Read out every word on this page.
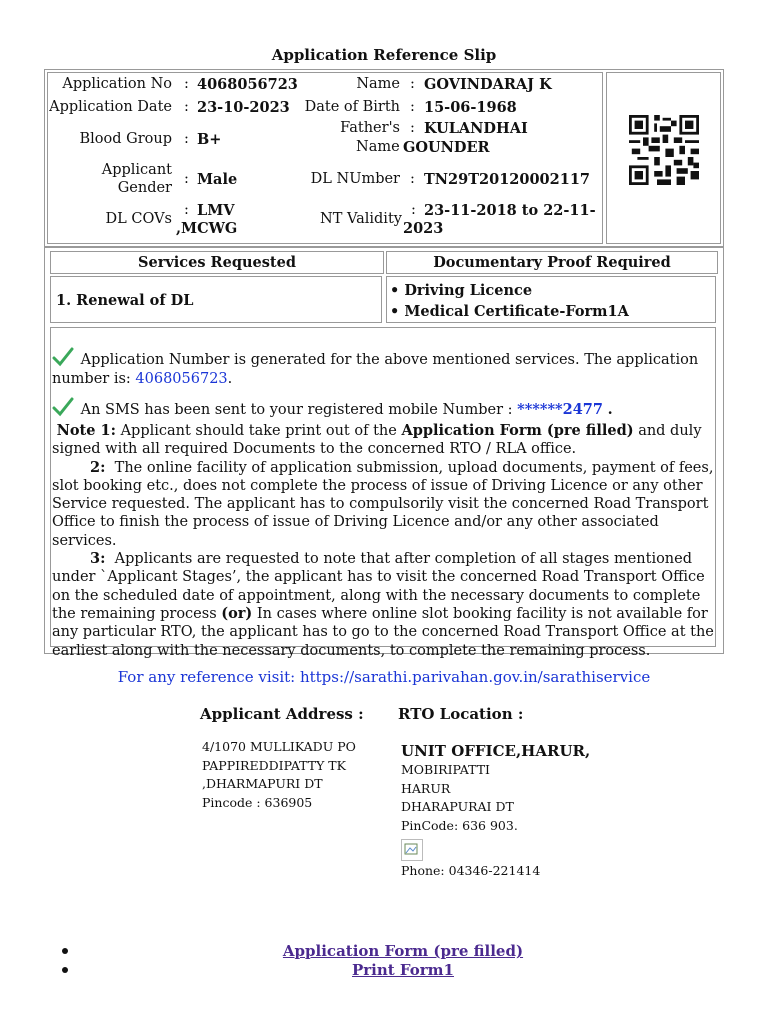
Application Reference Slip
Application No : 4068056723
Application Date : 23-10-2023
Blood Group : B+
Applicant
Gender
: Male
DL COVs
: LMV
,MCWG
Name : GOVINDARAJ K
Date of Birth : 15-06-1968
Father's
Name
: KULANDHAI
GOUNDER
DL NUmber : TN29T20120002117
NT Validity
: 23-11-2018 to 22-11-
2023
Services Requested	Documentary Proof Required
1. Renewal of DL
• Driving Licence
• Medical Certificate-Form1A
Application Number is generated for the above mentioned services. The application number is: 4068056723.
An SMS has been sent to your registered mobile Number : ******2477 .
Note 1: Applicant should take print out of the Application Form (pre filled) and duly signed with all required Documents to the concerned RTO / RLA office.
2: The online facility of application submission, upload documents, payment of fees, slot booking etc., does not complete the process of issue of Driving Licence or any other Service requested. The applicant has to compulsorily visit the concerned Road Transport Office to finish the process of issue of Driving Licence and/or any other associated services.
3: Applicants are requested to note that after completion of all stages mentioned under `Applicant Stages’, the applicant has to visit the concerned Road Transport Office on the scheduled date of appointment, along with the necessary documents to complete the remaining process (or) In cases where online slot booking facility is not available for any particular RTO, the applicant has to go to the concerned Road Transport Office at the earliest along with the necessary documents, to complete the remaining process.
For any reference visit: https://sarathi.parivahan.gov.in/sarathiservice
Applicant Address : RTO Location :
4/1070 MULLIKADU PO
PAPPIREDDIPATTY TK
,DHARMAPURI DT
Pincode : 636905
UNIT OFFICE,HARUR,
MOBIRIPATTI
HARUR
DHARAPURAI DT
PinCode: 636 903.
Phone: 04346-221414
Application Form (pre filled)
Print Form1
